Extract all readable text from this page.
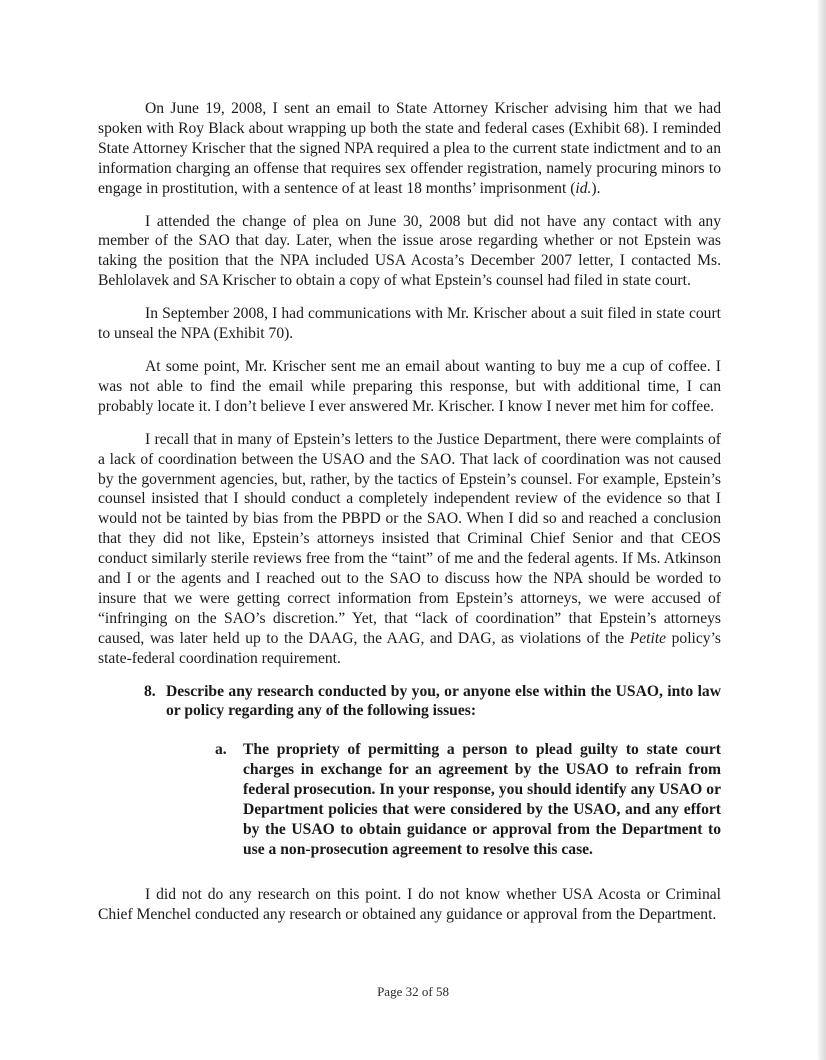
On June 19, 2008, I sent an email to State Attorney Krischer advising him that we had spoken with Roy Black about wrapping up both the state and federal cases (Exhibit 68). I reminded State Attorney Krischer that the signed NPA required a plea to the current state indictment and to an information charging an offense that requires sex offender registration, namely procuring minors to engage in prostitution, with a sentence of at least 18 months’ imprisonment (id.).

I attended the change of plea on June 30, 2008 but did not have any contact with any member of the SAO that day. Later, when the issue arose regarding whether or not Epstein was taking the position that the NPA included USA Acosta’s December 2007 letter, I contacted Ms. Behlolavek and SA Krischer to obtain a copy of what Epstein’s counsel had filed in state court.

In September 2008, I had communications with Mr. Krischer about a suit filed in state court to unseal the NPA (Exhibit 70).

At some point, Mr. Krischer sent me an email about wanting to buy me a cup of coffee. I was not able to find the email while preparing this response, but with additional time, I can probably locate it. I don’t believe I ever answered Mr. Krischer. I know I never met him for coffee.

I recall that in many of Epstein’s letters to the Justice Department, there were complaints of a lack of coordination between the USAO and the SAO. That lack of coordination was not caused by the government agencies, but, rather, by the tactics of Epstein’s counsel. For example, Epstein’s counsel insisted that I should conduct a completely independent review of the evidence so that I would not be tainted by bias from the PBPD or the SAO. When I did so and reached a conclusion that they did not like, Epstein’s attorneys insisted that Criminal Chief Senior and that CEOS conduct similarly sterile reviews free from the “taint” of me and the federal agents. If Ms. Atkinson and I or the agents and I reached out to the SAO to discuss how the NPA should be worded to insure that we were getting correct information from Epstein’s attorneys, we were accused of “infringing on the SAO’s discretion.” Yet, that “lack of coordination” that Epstein’s attorneys caused, was later held up to the DAAG, the AAG, and DAG, as violations of the Petite policy’s state-federal coordination requirement.

8. Describe any research conducted by you, or anyone else within the USAO, into law or policy regarding any of the following issues:
a. The propriety of permitting a person to plead guilty to state court charges in exchange for an agreement by the USAO to refrain from federal prosecution. In your response, you should identify any USAO or Department policies that were considered by the USAO, and any effort by the USAO to obtain guidance or approval from the Department to use a non-prosecution agreement to resolve this case.

I did not do any research on this point. I do not know whether USA Acosta or Criminal Chief Menchel conducted any research or obtained any guidance or approval from the Department.

Page 32 of 58
